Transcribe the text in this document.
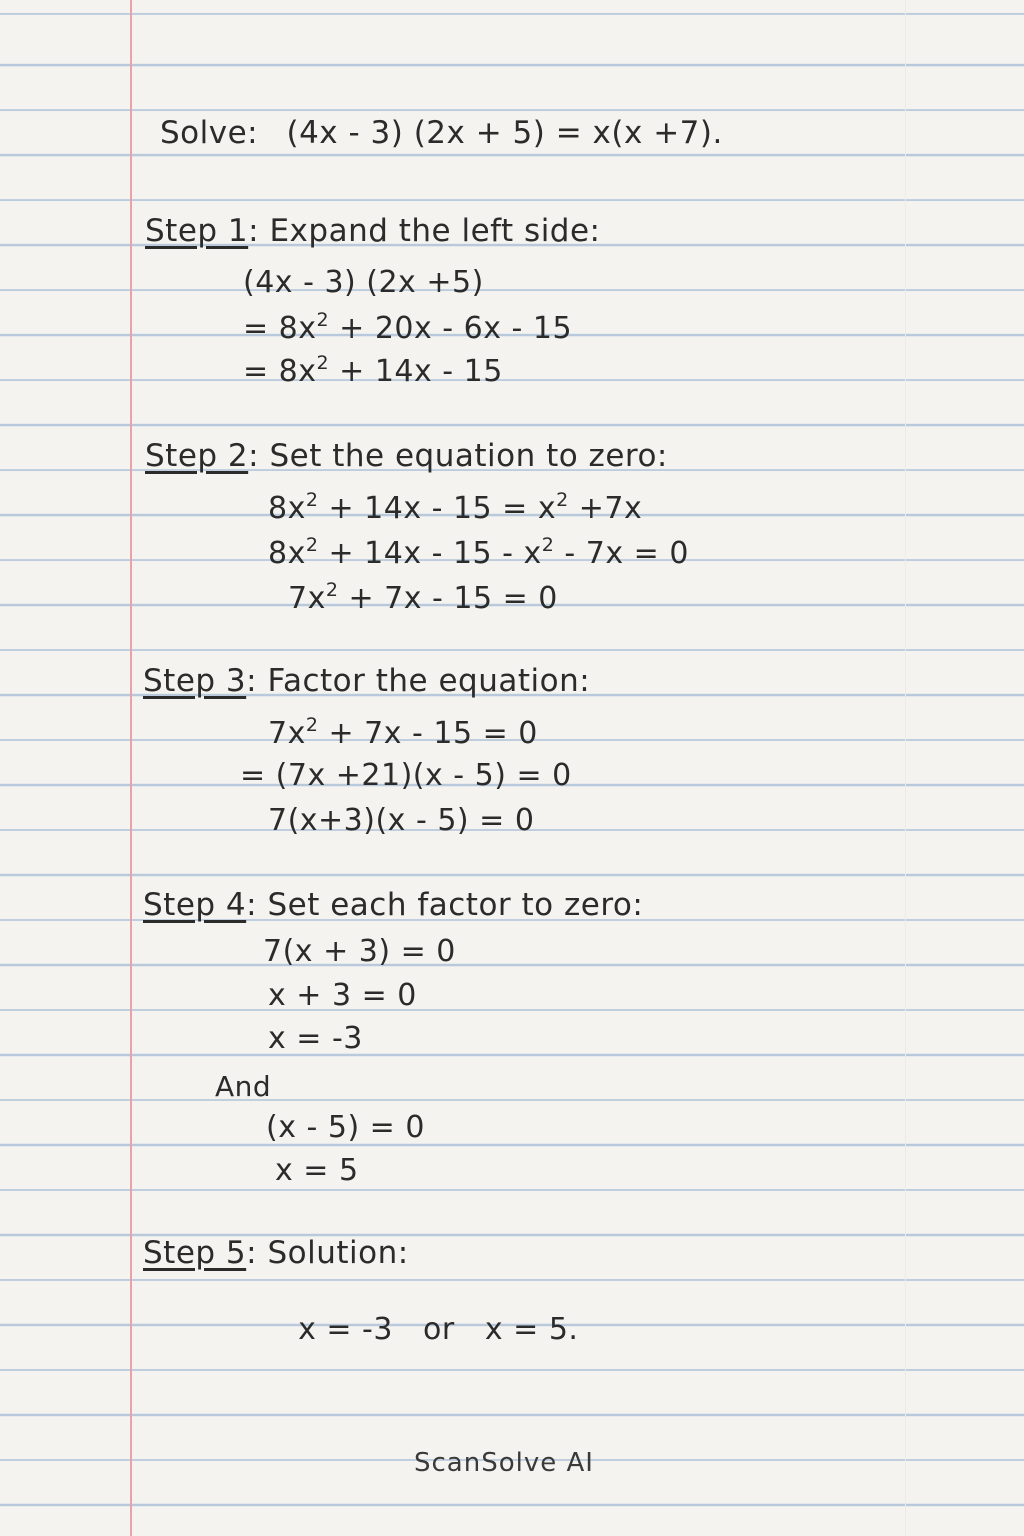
Solve: (4x - 3) (2x + 5) = x(x +7).
Step 1: Expand the left side:
(4x - 3) (2x +5)
= $8x^2 + 20x - 6x - 15$
= $8x^2 + 14x - 15$
Step 2: Set the equation to zero:
$8x^2 + 14x - 15 = x^2 +7x$
$8x^2 + 14x - 15 - x^2 - 7x = 0$
$7x^2 + 7x - 15 = 0$
Step 3: Factor the equation:
$7x^2 + 7x - 15 = 0$
= (7x +21)(x - 5) = 0
7(x+3)(x - 5) = 0
Step 4: Set each factor to zero:
7(x + 3) = 0
x + 3 = 0
x = -3
And
(x - 5) = 0
x = 5
Step 5: Solution:

x = -3   or   x = 5.

ScanSolve AI
